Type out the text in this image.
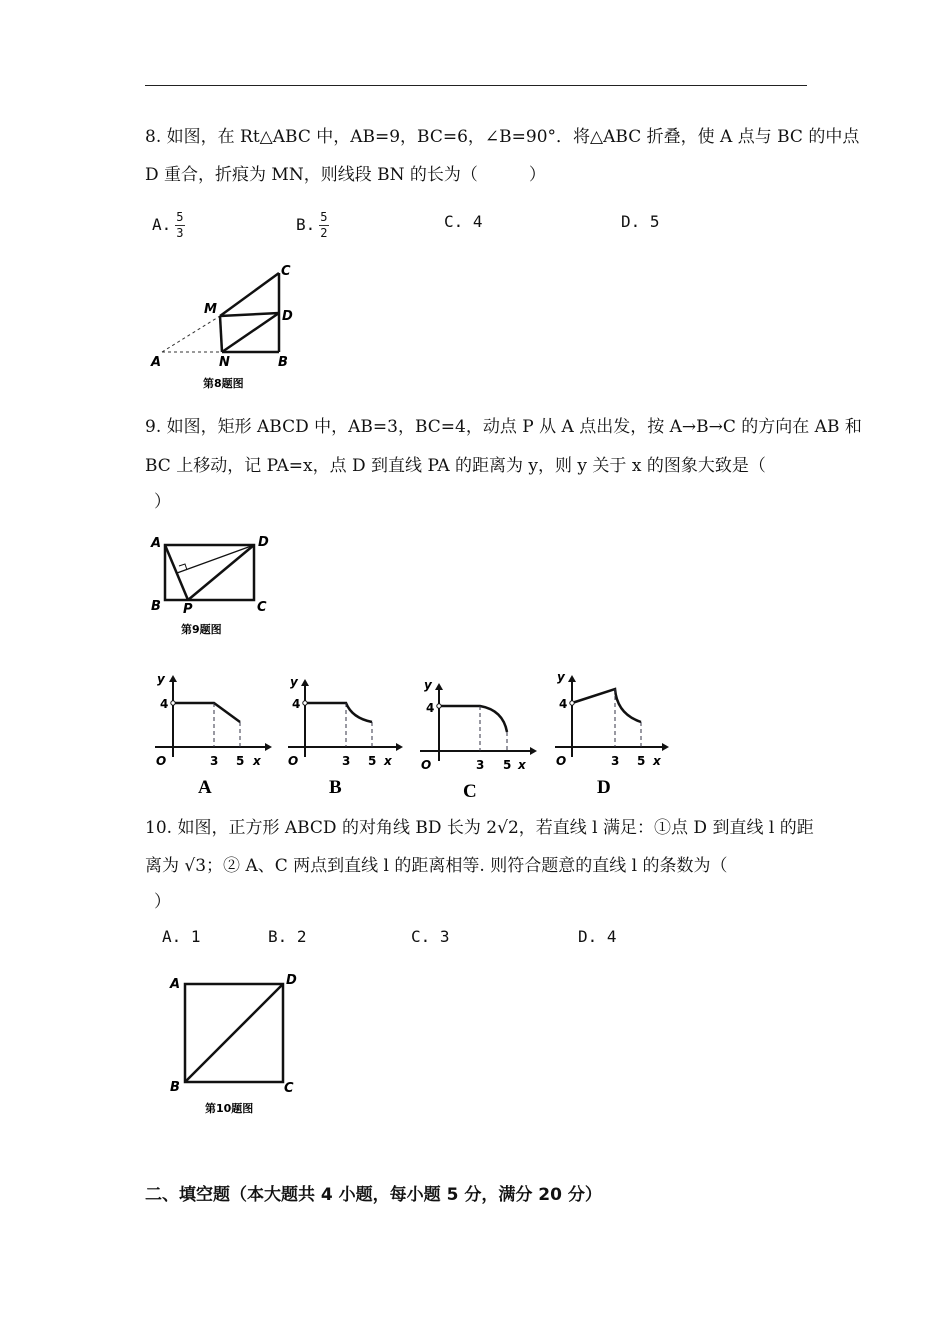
8. 如图，在 Rt△ABC 中，AB=9，BC=6，∠B=90°．将△ABC 折叠，使 A 点与 BC 的中点
D 重合，折痕为 MN，则线段 BN 的长为（　　　）
A. $\frac{5}{3}$	B. $\frac{5}{2}$	C. 4	D. 5
A	B
C
D
M
N
第8题图
9. 如图，矩形 ABCD 中，AB=3，BC=4，动点 P 从 A 点出发，按 A→B→C 的方向在 AB 和
BC 上移动，记 PA=x，点 D 到直线 PA 的距离为 y，则 y 关于 x 的图象大致是（
）
A
B	C
D
P
第9题图
y
4
O	3 5 x
A
y
4
O	3 5 x
B
y
4
O	3 5 x
C
y
4
O	3 5 x
D
10. 如图，正方形 ABCD 的对角线 BD 长为 2√2，若直线 l 满足：①点 D 到直线 l 的距
离为 √3；② A、C 两点到直线 l 的距离相等. 则符合题意的直线 l 的条数为（
）
A. 1	B. 2	C. 3	D. 4
A
B	C
D
第10题图
二、填空题（本大题共 4 小题，每小题 5 分，满分 20 分）
